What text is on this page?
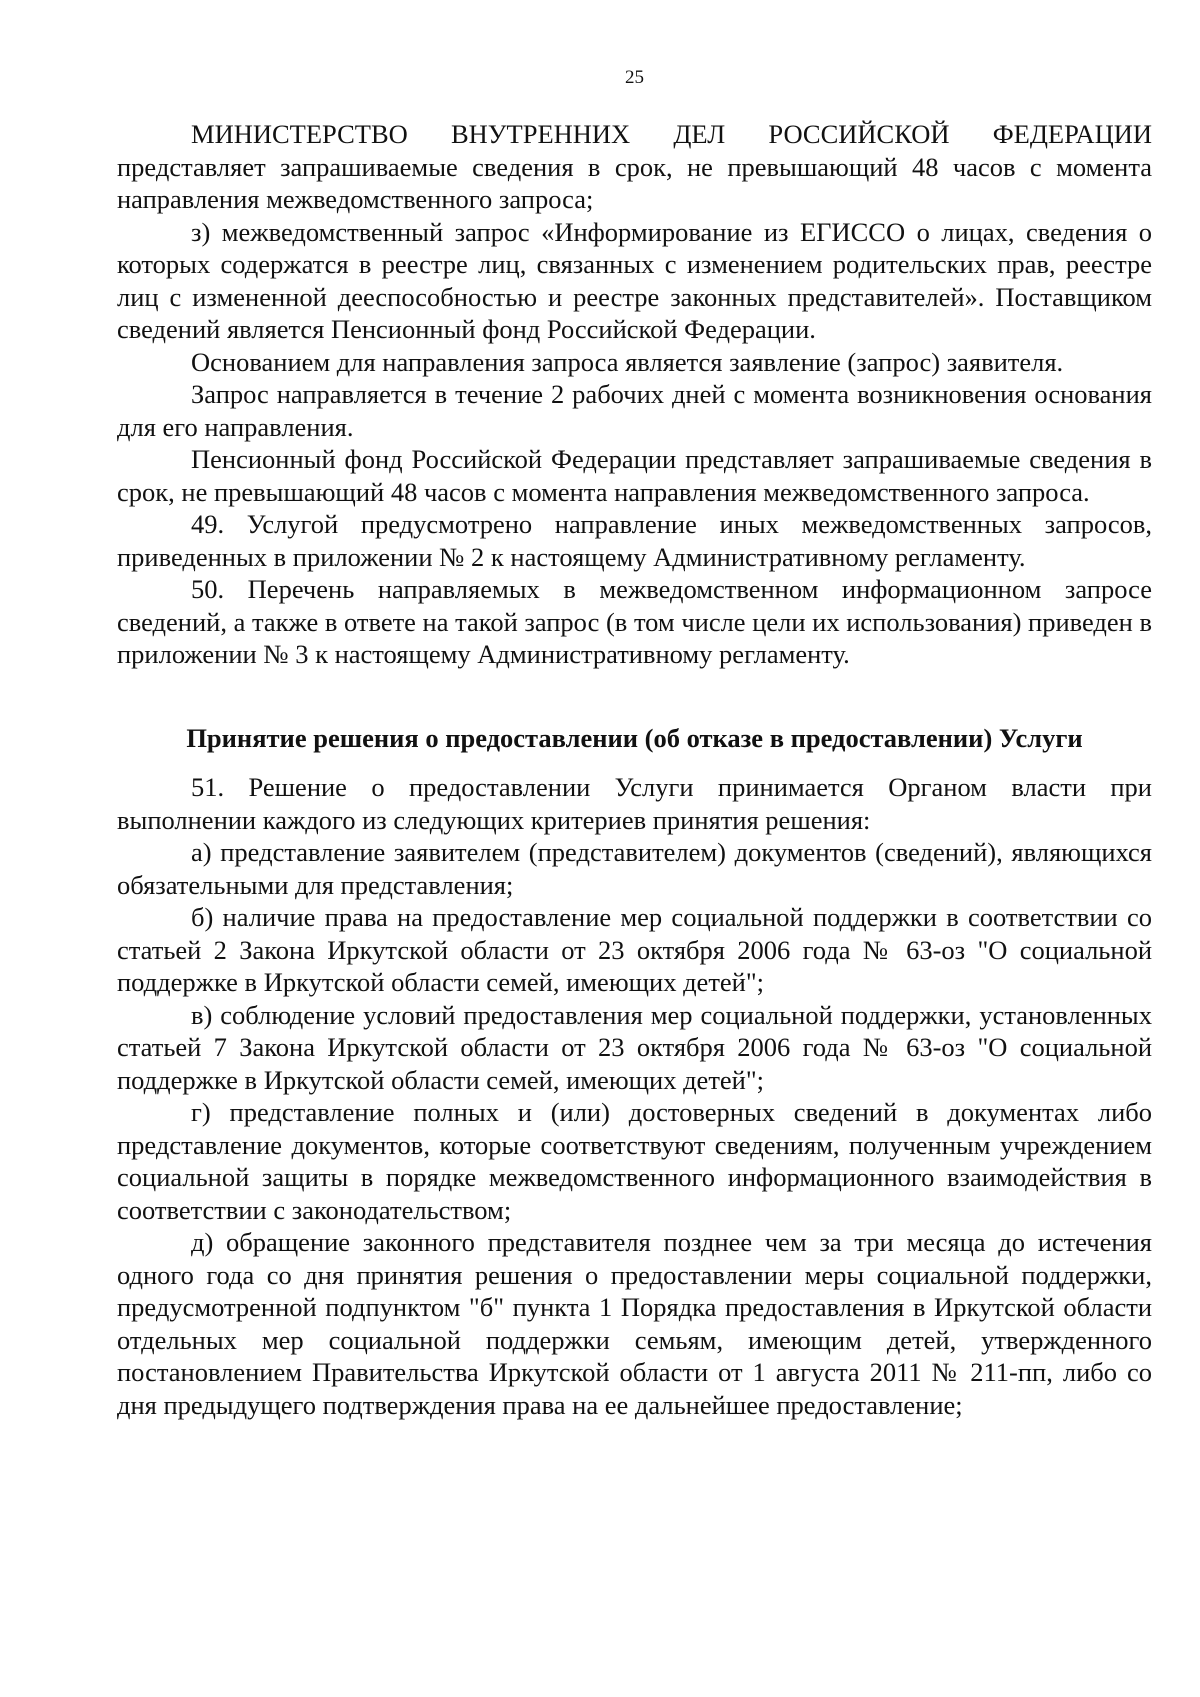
25

МИНИСТЕРСТВО ВНУТРЕННИХ ДЕЛ РОССИЙСКОЙ ФЕДЕРАЦИИ представляет запрашиваемые сведения в срок, не превышающий 48 часов с момента направления межведомственного запроса;

з) межведомственный запрос «Информирование из ЕГИССО о лицах, сведения о которых содержатся в реестре лиц, связанных с изменением родительских прав, реестре лиц с измененной дееспособностью и реестре законных представителей». Поставщиком сведений является Пенсионный фонд Российской Федерации.

Основанием для направления запроса является заявление (запрос) заявителя.

Запрос направляется в течение 2 рабочих дней с момента возникновения основания для его направления.

Пенсионный фонд Российской Федерации представляет запрашиваемые сведения в срок, не превышающий 48 часов с момента направления межведомственного запроса.

49. Услугой предусмотрено направление иных межведомственных запросов, приведенных в приложении № 2 к настоящему Административному регламенту.

50. Перечень направляемых в межведомственном информационном запросе сведений, а также в ответе на такой запрос (в том числе цели их использования) приведен в приложении № 3 к настоящему Административному регламенту.

Принятие решения о предоставлении (об отказе в предоставлении) Услуги

51. Решение о предоставлении Услуги принимается Органом власти при выполнении каждого из следующих критериев принятия решения:

а) представление заявителем (представителем) документов (сведений), являющихся обязательными для представления;

б) наличие права на предоставление мер социальной поддержки в соответствии со статьей 2 Закона Иркутской области от 23 октября 2006 года № 63-оз "О социальной поддержке в Иркутской области семей, имеющих детей";

в) соблюдение условий предоставления мер социальной поддержки, установленных статьей 7 Закона Иркутской области от 23 октября 2006 года № 63-оз "О социальной поддержке в Иркутской области семей, имеющих детей";

г) представление полных и (или) достоверных сведений в документах либо представление документов, которые соответствуют сведениям, полученным учреждением социальной защиты в порядке межведомственного информационного взаимодействия в соответствии с законодательством;

д) обращение законного представителя позднее чем за три месяца до истечения одного года со дня принятия решения о предоставлении меры социальной поддержки, предусмотренной подпунктом "б" пункта 1 Порядка предоставления в Иркутской области отдельных мер социальной поддержки семьям, имеющим детей, утвержденного постановлением Правительства Иркутской области от 1 августа 2011 № 211-пп, либо со дня предыдущего подтверждения права на ее дальнейшее предоставление;
